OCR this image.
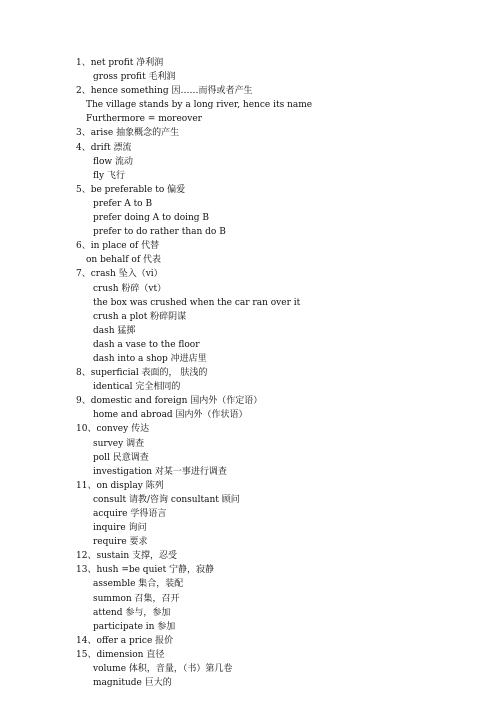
1、net profit 净利润
gross profit 毛利润
2、hence something 因……而得或者产生
The village stands by a long river, hence its name
Furthermore = moreover
3、arise 抽象概念的产生
4、drift 漂流
flow 流动
fly 飞行
5、be preferable to 偏爱
prefer A to B
prefer doing A to doing B
prefer to do rather than do B
6、in place of 代替
on behalf of 代表
7、crash 坠入（vi）
crush 粉碎（vt）
the box was crushed when the car ran over it
crush a plot 粉碎阴谋
dash 猛掷
dash a vase to the floor
dash into a shop 冲进店里
8、superficial 表面的， 肤浅的
identical 完全相同的
9、domestic and foreign 国内外（作定语）
home and abroad 国内外（作状语）
10、convey 传达
survey 调查
poll 民意调查
investigation 对某一事进行调查
11、on display 陈列
consult 请教/咨询 consultant 顾问
acquire 学得语言
inquire 询问
require 要求
12、sustain 支撑，忍受
13、hush =be quiet 宁静，寂静
assemble 集合，装配
summon 召集，召开
attend 参与，参加
participate in 参加
14、offer a price 报价
15、dimension 直径
volume 体积，音量，（书）第几卷
magnitude 巨大的
